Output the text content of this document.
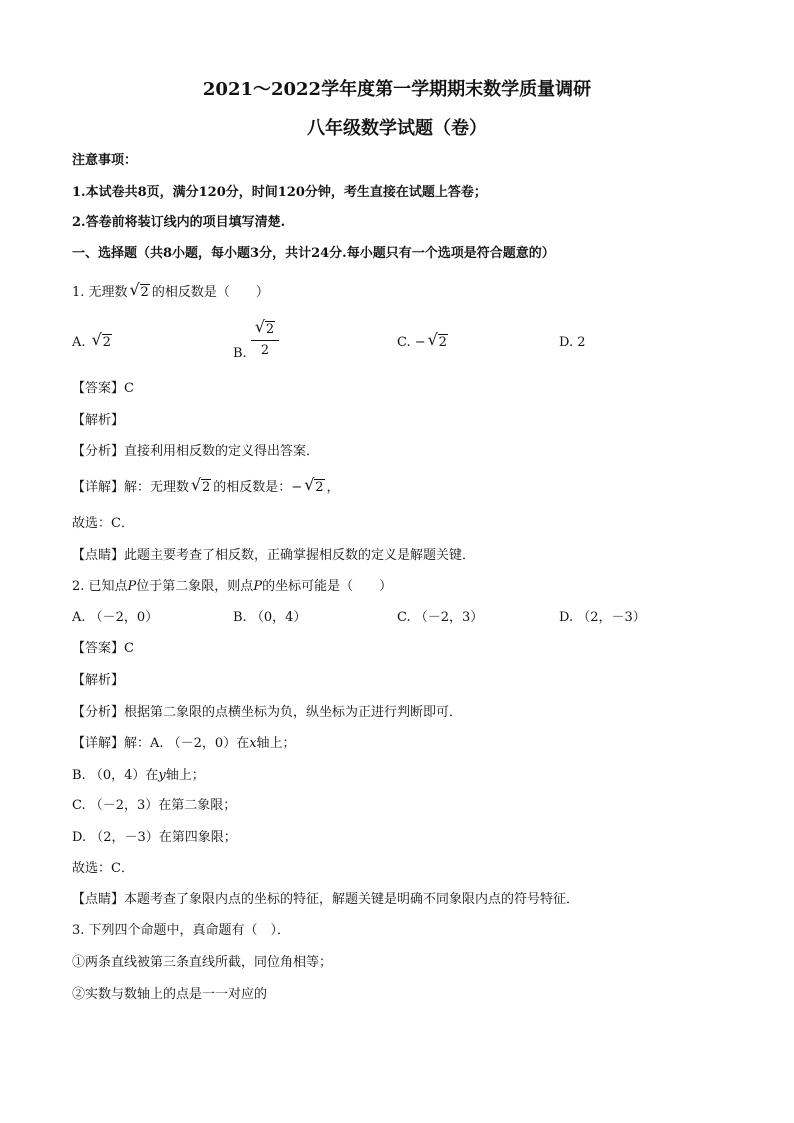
2021～2022学年度第一学期期末数学质量调研
八年级数学试题（卷）
注意事项：
1.本试卷共8页，满分120分，时间120分钟，考生直接在试题上答卷；
2.答卷前将装订线内的项目填写清楚.
一、选择题（共8小题，每小题3分，共计24分.每小题只有一个选项是符合题意的）
1. 无理数 √ 2 的相反数是（　　）
A. √ 2
B. $\frac{√ 2}{2}$	C. − √ 2	D. 2
【答案】C
【解析】
【分析】直接利用相反数的定义得出答案．
【详解】解：无理数 √ 2 的相反数是：− √ 2 ，
故选：C．
【点睛】此题主要考查了相反数，正确掌握相反数的定义是解题关键．
2. 已知点P位于第二象限，则点P的坐标可能是（　　）
A. （－2，0）	B. （0，4）	C. （－2，3）	D. （2，－3）
【答案】C
【解析】
【分析】根据第二象限的点横坐标为负，纵坐标为正进行判断即可．
【详解】解：A. （－2，0）在x轴上；
B. （0，4）在y轴上；
C. （－2，3）在第二象限；
D. （2，－3）在第四象限；
故选：C．
【点睛】本题考查了象限内点的坐标的特征，解题关键是明确不同象限内点的符号特征．
3. 下列四个命题中，真命题有（　）．
①两条直线被第三条直线所截，同位角相等；
②实数与数轴上的点是一一对应的
